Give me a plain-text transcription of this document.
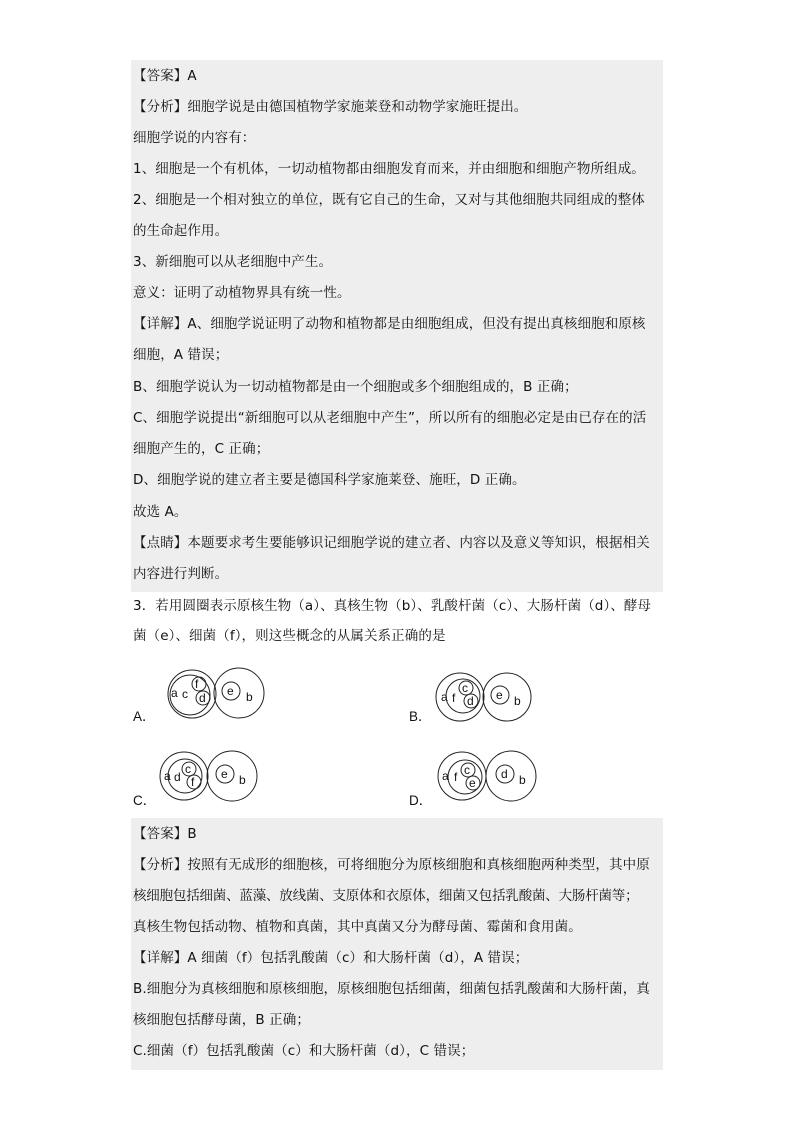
【答案】A
【分析】细胞学说是由德国植物学家施莱登和动物学家施旺提出。
细胞学说的内容有：
1、细胞是一个有机体，一切动植物都由细胞发育而来，并由细胞和细胞产物所组成。
2、细胞是一个相对独立的单位，既有它自己的生命，又对与其他细胞共同组成的整体
的生命起作用。
3、新细胞可以从老细胞中产生。
意义：证明了动植物界具有统一性。
【详解】A、细胞学说证明了动物和植物都是由细胞组成，但没有提出真核细胞和原核
细胞，A 错误；
B、细胞学说认为一切动植物都是由一个细胞或多个细胞组成的，B 正确；
C、细胞学说提出“新细胞可以从老细胞中产生”，所以所有的细胞必定是由已存在的活
细胞产生的，C 正确；
D、细胞学说的建立者主要是德国科学家施莱登、施旺，D 正确。
故选 A。
【点睛】本题要求考生要能够识记细胞学说的建立者、内容以及意义等知识，根据相关
内容进行判断。
3．若用圆圈表示原核生物（a）、真核生物（b）、乳酸杆菌（c）、大肠杆菌（d）、酵母
菌（e）、细菌（f），则这些概念的从属关系正确的是
A．
a c
f
d e b
B．
a f
c
d e b
C．
a d
c
f
e b
D．
a f c
e
d b
【答案】B
【分析】按照有无成形的细胞核，可将细胞分为原核细胞和真核细胞两种类型，其中原
核细胞包括细菌、蓝藻、放线菌、支原体和衣原体，细菌又包括乳酸菌、大肠杆菌等；
真核生物包括动物、植物和真菌，其中真菌又分为酵母菌、霉菌和食用菌。
【详解】A 细菌（f）包括乳酸菌（c）和大肠杆菌（d），A 错误；
B.细胞分为真核细胞和原核细胞，原核细胞包括细菌，细菌包括乳酸菌和大肠杆菌，真
核细胞包括酵母菌，B 正确；
C.细菌（f）包括乳酸菌（c）和大肠杆菌（d），C 错误；
